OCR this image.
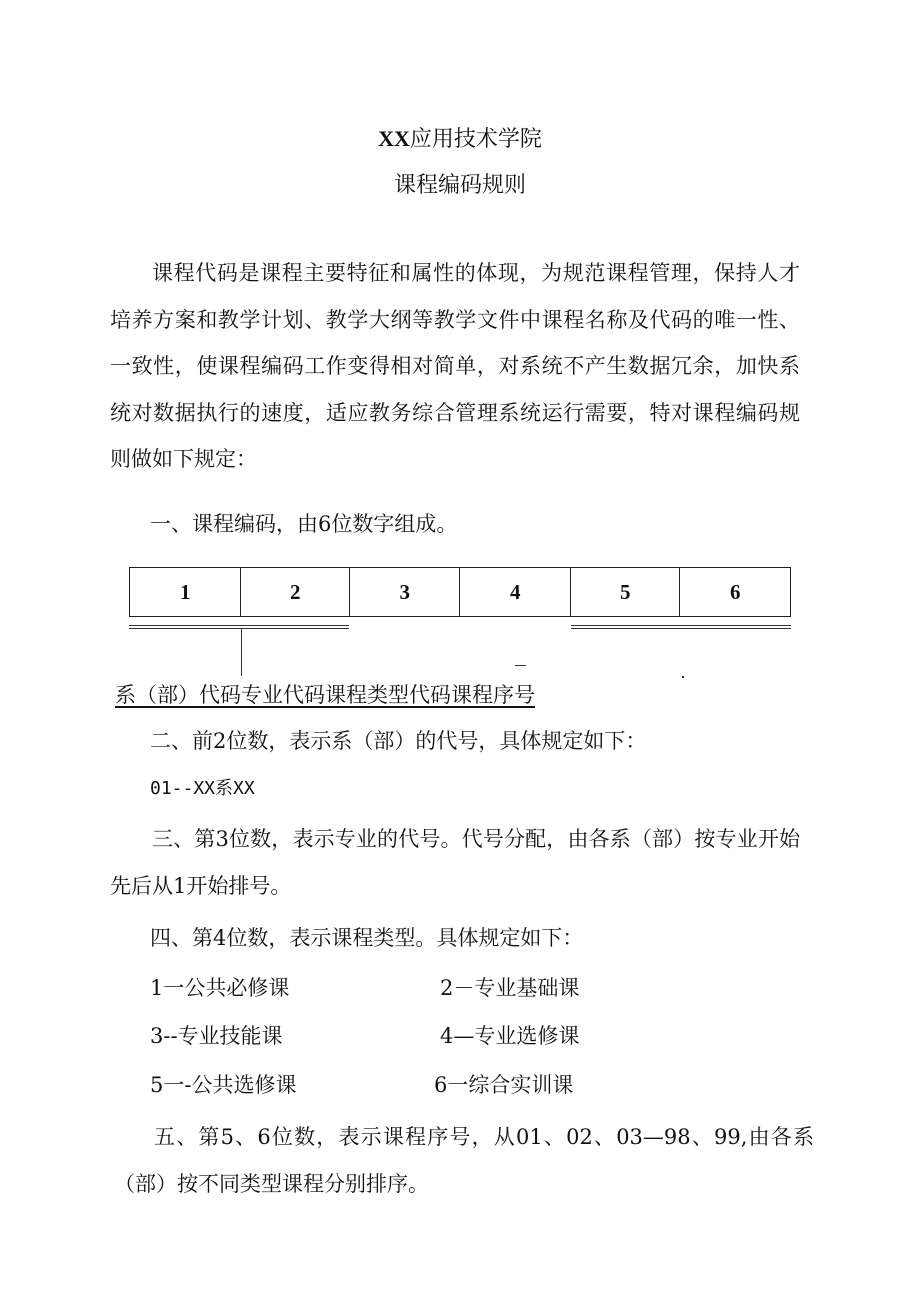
XX应用技术学院
课程编码规则

课程代码是课程主要特征和属性的体现，为规范课程管理，保持人才培养方案和教学计划、教学大纲等教学文件中课程名称及代码的唯一性、一致性，使课程编码工作变得相对简单，对系统不产生数据冗余，加快系统对数据执行的速度，适应教务综合管理系统运行需要，特对课程编码规则做如下规定：

一、课程编码，由6位数字组成。
1	2	3	4	5	6
系（部）代码专业代码课程类型代码课程序号
二、前2位数，表示系（部）的代号，具体规定如下：
01--XX系XX

三、第3位数，表示专业的代号。代号分配，由各系（部）按专业开始先后从1开始排号。

四、第4位数，表示课程类型。具体规定如下：
1一公共必修课	2－专业基础课
3--专业技能课	4—专业选修课
5一-公共选修课	6一综合实训课

五、第5、6位数，表示课程序号，从01、02、03—98、99,由各系（部）按不同类型课程分别排序。
